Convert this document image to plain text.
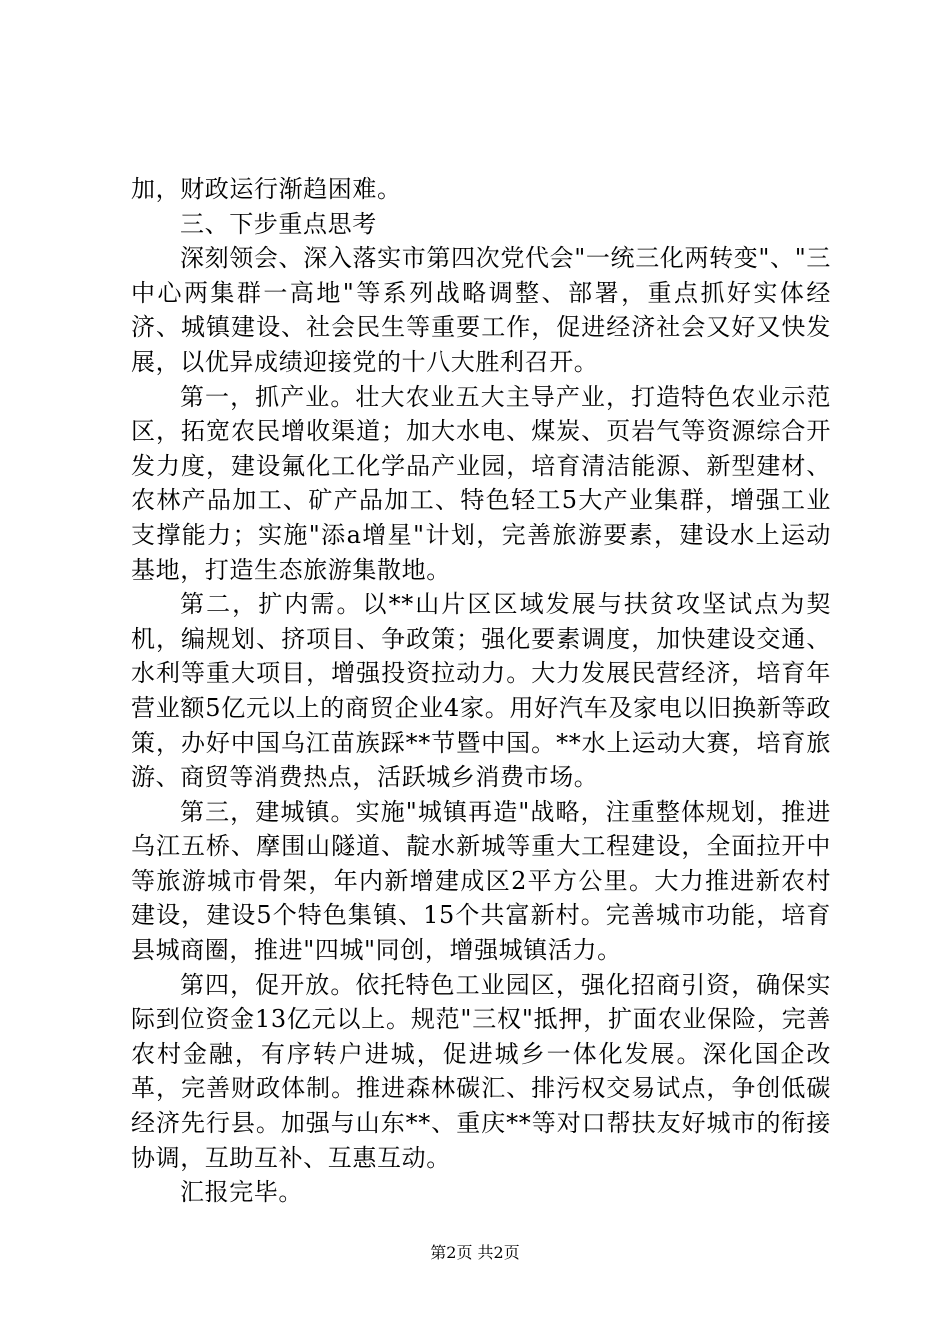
加，财政运行渐趋困难。

三、下步重点思考

深刻领会、深入落实市第四次党代会"一统三化两转变"、"三中心两集群一高地"等系列战略调整、部署，重点抓好实体经济、城镇建设、社会民生等重要工作，促进经济社会又好又快发展，以优异成绩迎接党的十八大胜利召开。

第一，抓产业。壮大农业五大主导产业，打造特色农业示范区，拓宽农民增收渠道；加大水电、煤炭、页岩气等资源综合开发力度，建设氟化工化学品产业园，培育清洁能源、新型建材、农林产品加工、矿产品加工、特色轻工5大产业集群，增强工业支撑能力；实施"添a增星"计划，完善旅游要素，建设水上运动基地，打造生态旅游集散地。

第二，扩内需。以**山片区区域发展与扶贫攻坚试点为契机，编规划、挤项目、争政策；强化要素调度，加快建设交通、水利等重大项目，增强投资拉动力。大力发展民营经济，培育年营业额5亿元以上的商贸企业4家。用好汽车及家电以旧换新等政策，办好中国乌江苗族踩**节暨中国。**水上运动大赛，培育旅游、商贸等消费热点，活跃城乡消费市场。

第三，建城镇。实施"城镇再造"战略，注重整体规划，推进乌江五桥、摩围山隧道、靛水新城等重大工程建设，全面拉开中等旅游城市骨架，年内新增建成区2平方公里。大力推进新农村建设，建设5个特色集镇、15个共富新村。完善城市功能，培育县城商圈，推进"四城"同创，增强城镇活力。

第四，促开放。依托特色工业园区，强化招商引资，确保实际到位资金13亿元以上。规范"三权"抵押，扩面农业保险，完善农村金融，有序转户进城，促进城乡一体化发展。深化国企改革，完善财政体制。推进森林碳汇、排污权交易试点，争创低碳经济先行县。加强与山东**、重庆**等对口帮扶友好城市的衔接协调，互助互补、互惠互动。

汇报完毕。

第2页 共2页
